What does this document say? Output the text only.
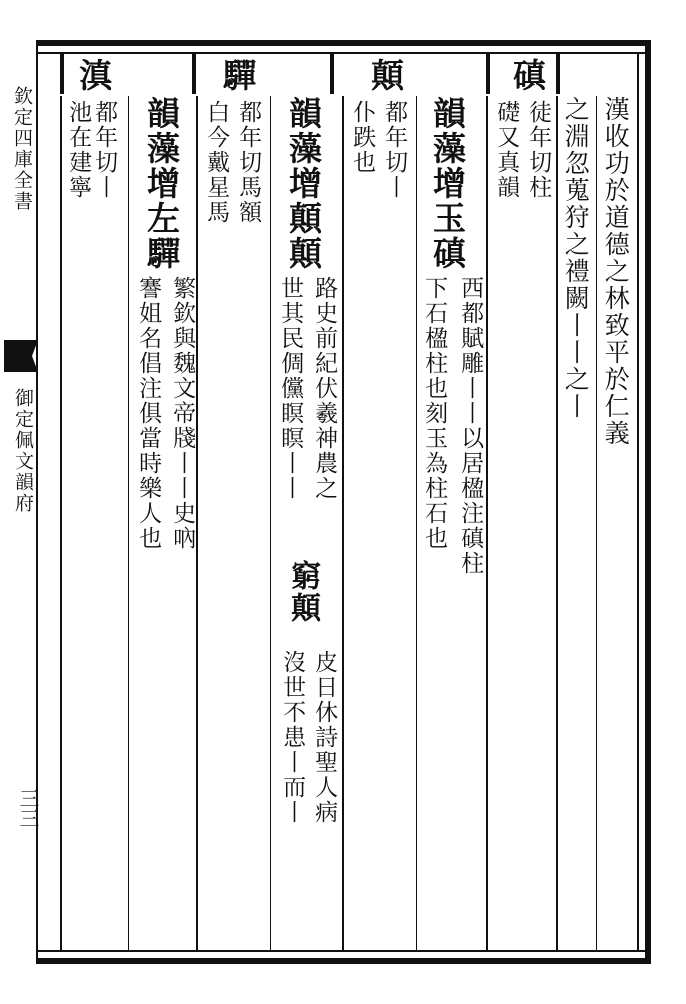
欽定四庫全書
御定佩文韻府
三三
漢收功於道德之林致平於仁義
之淵忽蒐狩之禮闕丨丨之丨
磌
徒年切柱
礎又真韻
韻藻增玉磌
西都賦雕丨丨以居楹注磌柱
下石楹柱也刻玉為柱石也
顛
都年切丨
仆跌也
韻藻增顛顛
路史前紀伏羲神農之
世其民倜儻瞑瞑丨丨
窮顛
皮日休詩聖人病
沒世不患丨而丨
驒
都年切馬額
白今戴星馬
韻藻增左驒
繁欽與魏文帝牋丨丨史吶
謇姐名倡注俱當時樂人也
滇
都年切丨
池在建寧
